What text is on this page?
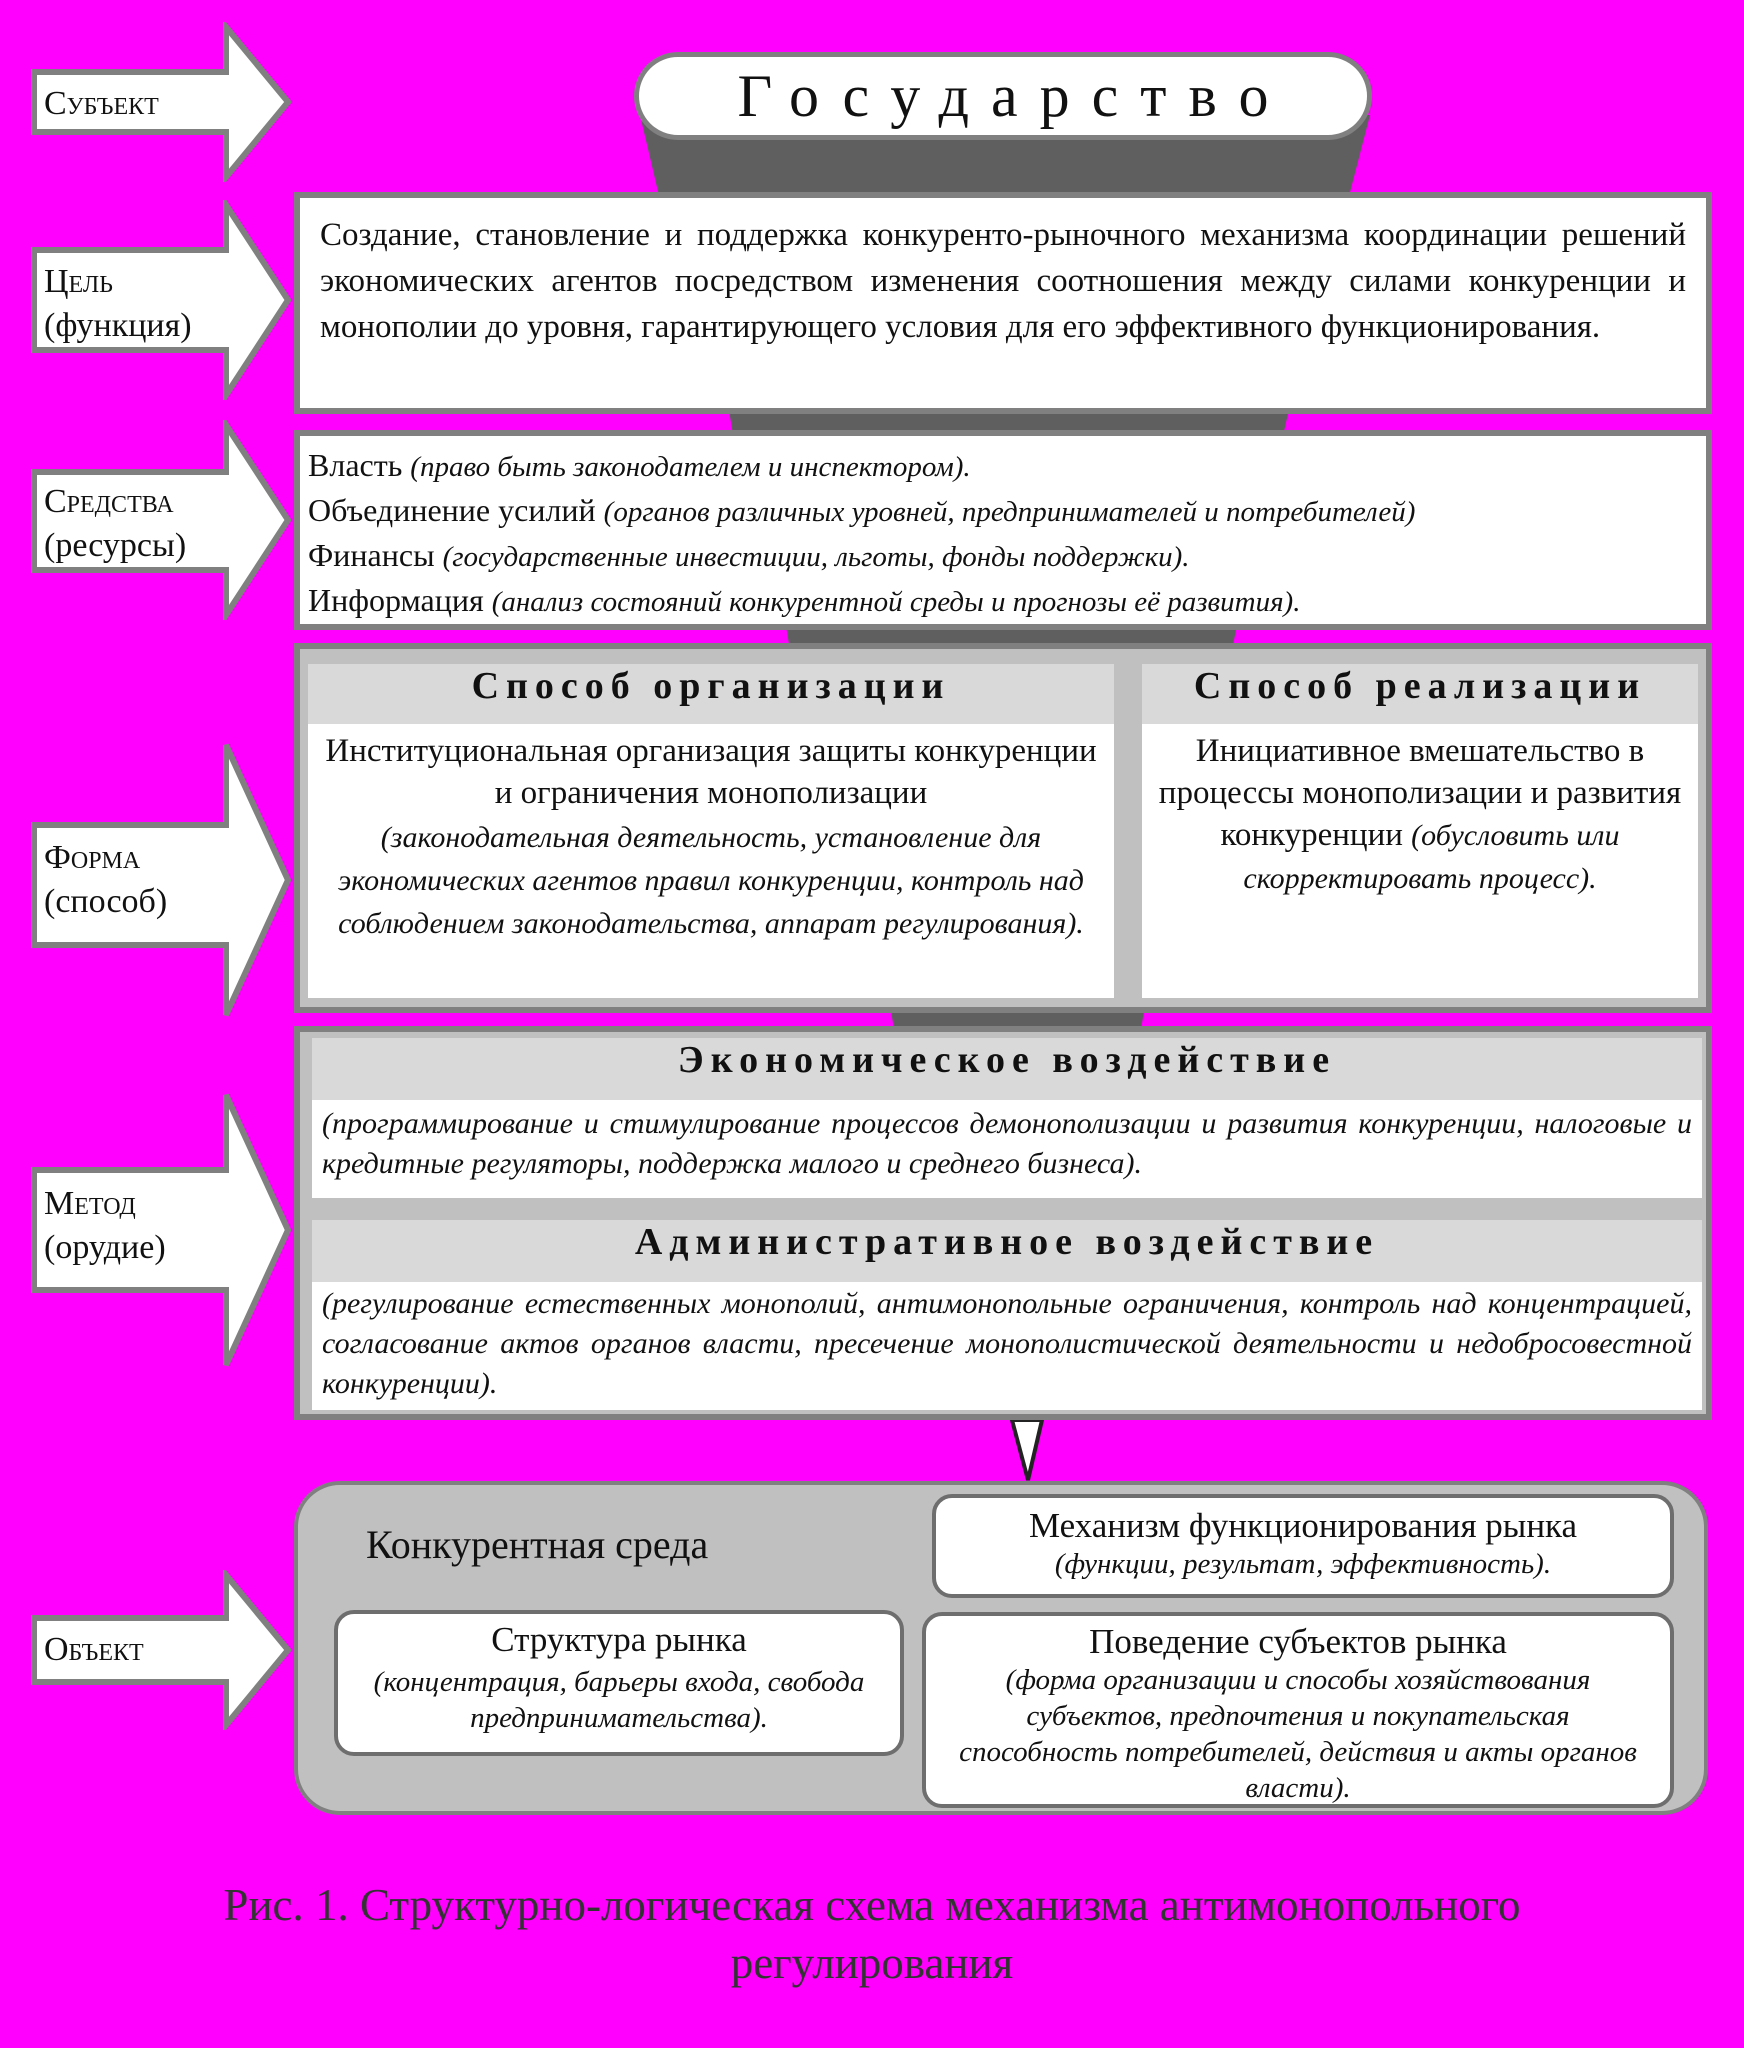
Субъект
Цель
(функция)
Средства
(ресурсы)
Форма
(способ)
Метод
(орудие)
Объект
Государство
Создание, становление и поддержка конкуренто-рыночного механизма координации решений экономических агентов посредством изменения соотношения между силами конкуренции и монополии до уровня, гарантирующего условия для его эффективного функционирования.
Власть (право быть законодателем и инспектором).
Объединение усилий (органов различных уровней, предпринимателей и потребителей)
Финансы (государственные инвестиции, льготы, фонды поддержки).
Информация (анализ состояний конкурентной среды и прогнозы её развития).
Способ организации
Институциональная организация защиты конкуренции и ограничения монополизации
(законодательная деятельность, установление для экономических агентов правил конкуренции, контроль над соблюдением законодательства, аппарат регулирования).
Способ реализации
Инициативное вмешательство в процессы монополизации и развития конкуренции (обусловить или скорректировать процесс).
Экономическое воздействие
(программирование и стимулирование процессов демонополизации и развития конкуренции, налоговые и кредитные регуляторы, поддержка малого и среднего бизнеса).
Административное воздействие
(регулирование естественных монополий, антимонопольные ограничения, контроль над концентрацией, согласование актов органов власти, пресечение монополистической деятельности и недобросовестной конкуренции).
Конкурентная среда	Механизм функционирования рынка
(функции, результат, эффективность).
Структура рынка
(концентрация, барьеры входа, свобода предпринимательства).
Поведение субъектов рынка
(форма организации и способы хозяйствования субъектов, предпочтения и покупательская способность потребителей, действия и акты органов власти).
Рис. 1. Структурно-логическая схема механизма антимонопольного
регулирования
